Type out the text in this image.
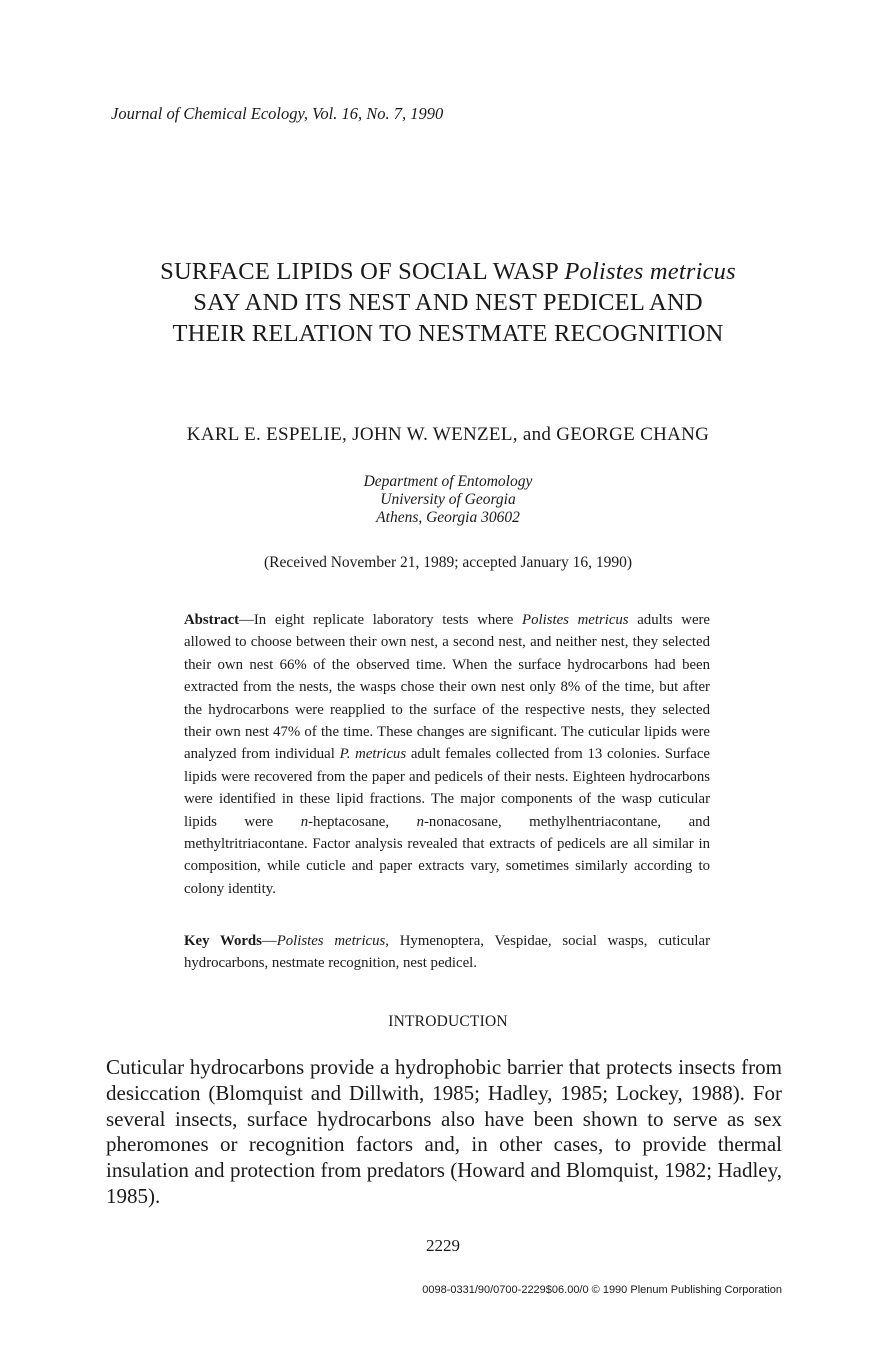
Journal of Chemical Ecology, Vol. 16, No. 7, 1990
SURFACE LIPIDS OF SOCIAL WASP Polistes metricus
SAY AND ITS NEST AND NEST PEDICEL AND
THEIR RELATION TO NESTMATE RECOGNITION
KARL E. ESPELIE, JOHN W. WENZEL, and GEORGE CHANG
Department of Entomology
University of Georgia
Athens, Georgia 30602
(Received November 21, 1989; accepted January 16, 1990)
Abstract—In eight replicate laboratory tests where Polistes metricus adults were allowed to choose between their own nest, a second nest, and neither nest, they selected their own nest 66% of the observed time. When the surface hydrocarbons had been extracted from the nests, the wasps chose their own nest only 8% of the time, but after the hydrocarbons were reapplied to the surface of the respective nests, they selected their own nest 47% of the time. These changes are significant. The cuticular lipids were analyzed from individual P. metricus adult females collected from 13 colonies. Surface lipids were recovered from the paper and pedicels of their nests. Eighteen hydrocarbons were identified in these lipid fractions. The major components of the wasp cuticular lipids were n-heptacosane, n-nonacosane, methylhentriacontane, and methyltritriacontane. Factor analysis revealed that extracts of pedicels are all similar in composition, while cuticle and paper extracts vary, sometimes similarly according to colony identity.
Key Words—Polistes metricus, Hymenoptera, Vespidae, social wasps, cuticular hydrocarbons, nestmate recognition, nest pedicel.
INTRODUCTION
Cuticular hydrocarbons provide a hydrophobic barrier that protects insects from desiccation (Blomquist and Dillwith, 1985; Hadley, 1985; Lockey, 1988). For several insects, surface hydrocarbons also have been shown to serve as sex pheromones or recognition factors and, in other cases, to provide thermal insulation and protection from predators (Howard and Blomquist, 1982; Hadley, 1985).
2229
0098-0331/90/0700-2229$06.00/0 © 1990 Plenum Publishing Corporation
